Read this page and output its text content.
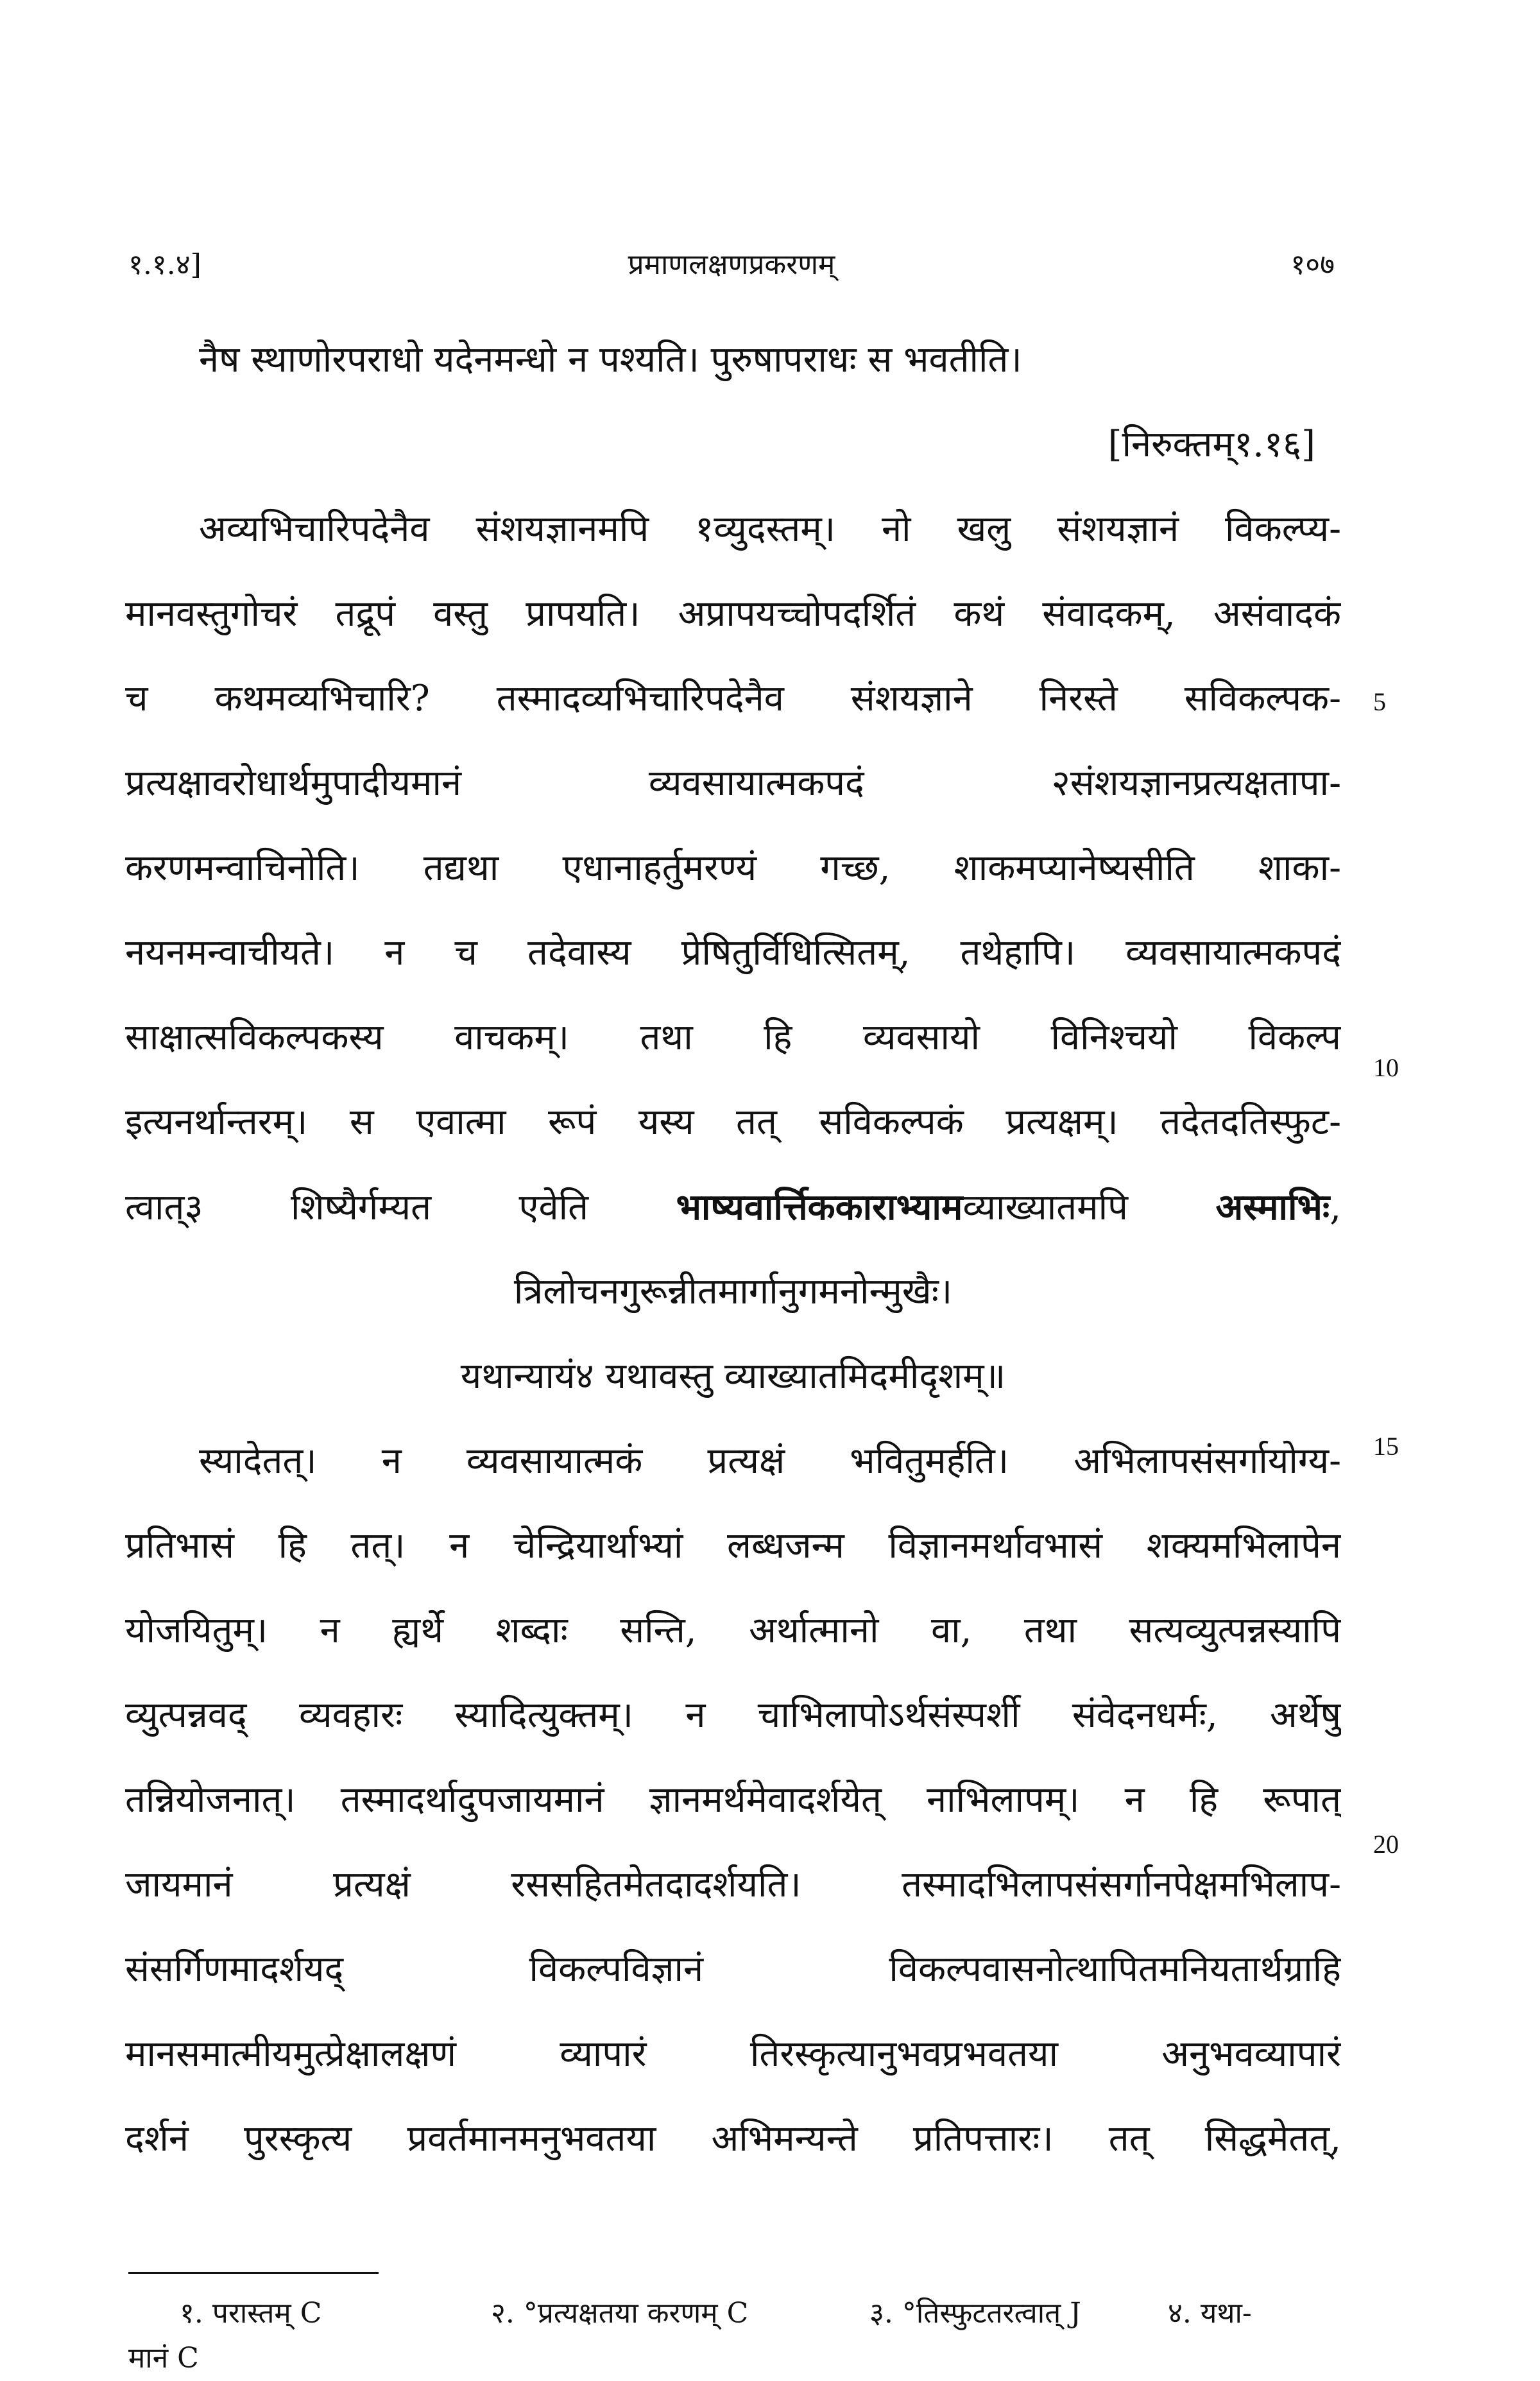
१.१.४]	प्रमाणलक्षणप्रकरणम्	१०७
नैष स्थाणोरपराधो यदेनमन्धो न पश्यति। पुरुषापराधः स भवतीति।
[निरुक्तम्१.१६]
अव्यभिचारिपदेनैव संशयज्ञानमपि १व्युदस्तम्। नो खलु संशयज्ञानं विकल्प्य-
मानवस्तुगोचरं तद्रूपं वस्तु प्रापयति। अप्रापयच्चोपदर्शितं कथं संवादकम्, असंवादकं
च कथमव्यभिचारि? तस्मादव्यभिचारिपदेनैव संशयज्ञाने निरस्ते सविकल्पक-
प्रत्यक्षावरोधार्थमुपादीयमानं व्यवसायात्मकपदं २संशयज्ञानप्रत्यक्षतापा-
करणमन्वाचिनोति। तद्यथा एधानाहर्तुमरण्यं गच्छ, शाकमप्यानेष्यसीति शाका-
नयनमन्वाचीयते। न च तदेवास्य प्रेषितुर्विधित्सितम्, तथेहापि। व्यवसायात्मकपदं
साक्षात्सविकल्पकस्य वाचकम्। तथा हि व्यवसायो विनिश्चयो विकल्प
इत्यनर्थान्तरम्। स एवात्मा रूपं यस्य तत् सविकल्पकं प्रत्यक्षम्। तदेतदतिस्फुट-
त्वात्३ शिष्यैर्गम्यत एवेति भाष्यवार्त्तिककाराभ्यामव्याख्यातमपि अस्माभिः,
त्रिलोचनगुरून्नीतमार्गानुगमनोन्मुखैः।
यथान्यायं४ यथावस्तु व्याख्यातमिदमीदृशम्॥
स्यादेतत्। न व्यवसायात्मकं प्रत्यक्षं भवितुमर्हति। अभिलापसंसर्गायोग्य-
प्रतिभासं हि तत्। न चेन्द्रियार्थाभ्यां लब्धजन्म विज्ञानमर्थावभासं शक्यमभिलापेन
योजयितुम्। न ह्यर्थे शब्दाः सन्ति, अर्थात्मानो वा, तथा सत्यव्युत्पन्नस्यापि
व्युत्पन्नवद् व्यवहारः स्यादित्युक्तम्। न चाभिलापोऽर्थसंस्पर्शी संवेदनधर्मः, अर्थेषु
तन्नियोजनात्। तस्मादर्थादुपजायमानं ज्ञानमर्थमेवादर्शयेत् नाभिलापम्। न हि रूपात्
जायमानं प्रत्यक्षं रससहितमेतदादर्शयति। तस्मादभिलापसंसर्गानपेक्षमभिलाप-
संसर्गिणमादर्शयद् विकल्पविज्ञानं विकल्पवासनोत्थापितमनियतार्थग्राहि
मानसमात्मीयमुत्प्रेक्षालक्षणं व्यापारं तिरस्कृत्यानुभवप्रभवतया अनुभवव्यापारं
दर्शनं पुरस्कृत्य प्रवर्तमानमनुभवतया अभिमन्यन्ते प्रतिपत्तारः। तत् सिद्धमेतत्,
5
10
15
20
१. परास्तम् C	२. °प्रत्यक्षतया करणम् C	३. °तिस्फुटतरत्वात् J	४. यथा-
मानं C
